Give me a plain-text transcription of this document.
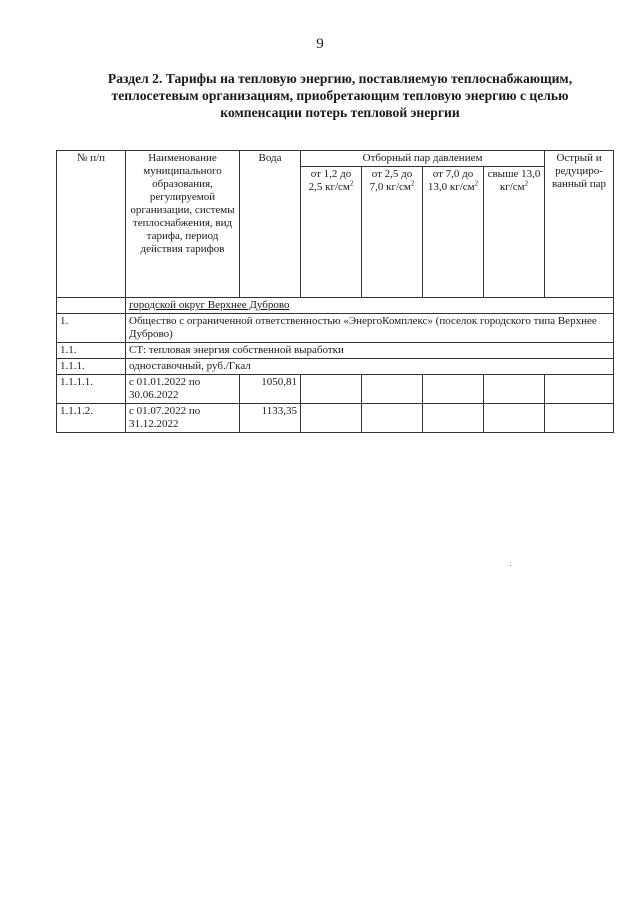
9
Раздел 2. Тарифы на тепловую энергию, поставляемую теплоснабжающим, теплосетевым организациям, приобретающим тепловую энергию с целью компенсации потерь тепловой энергии
№ п/п	Наименование муниципального образования, регулируемой организации, системы теплоснабжения, вид тарифа, период действия тарифов	Вода	Отборный пар давлением				Острый и редуциро-ванный пар
			от 1,2 до 2,5 $кг/см^2$	от 2,5 до 7,0 $кг/см^2$	от 7,0 до 13,0 $кг/см^2$	свыше 13,0 $кг/см^2$
	городской округ Верхнее Дуброво						
1.	Общество с ограниченной ответственностью «ЭнергоКомплекс» (поселок городского типа Верхнее Дуброво)						
1.1.	СТ: тепловая энергия собственной выработки						
1.1.1.	одноставочный, руб./Гкал						
1.1.1.1.	с 01.01.2022 по 30.06.2022	1050,81					
1.1.1.2.	с 01.07.2022 по 31.12.2022	1133,35					
